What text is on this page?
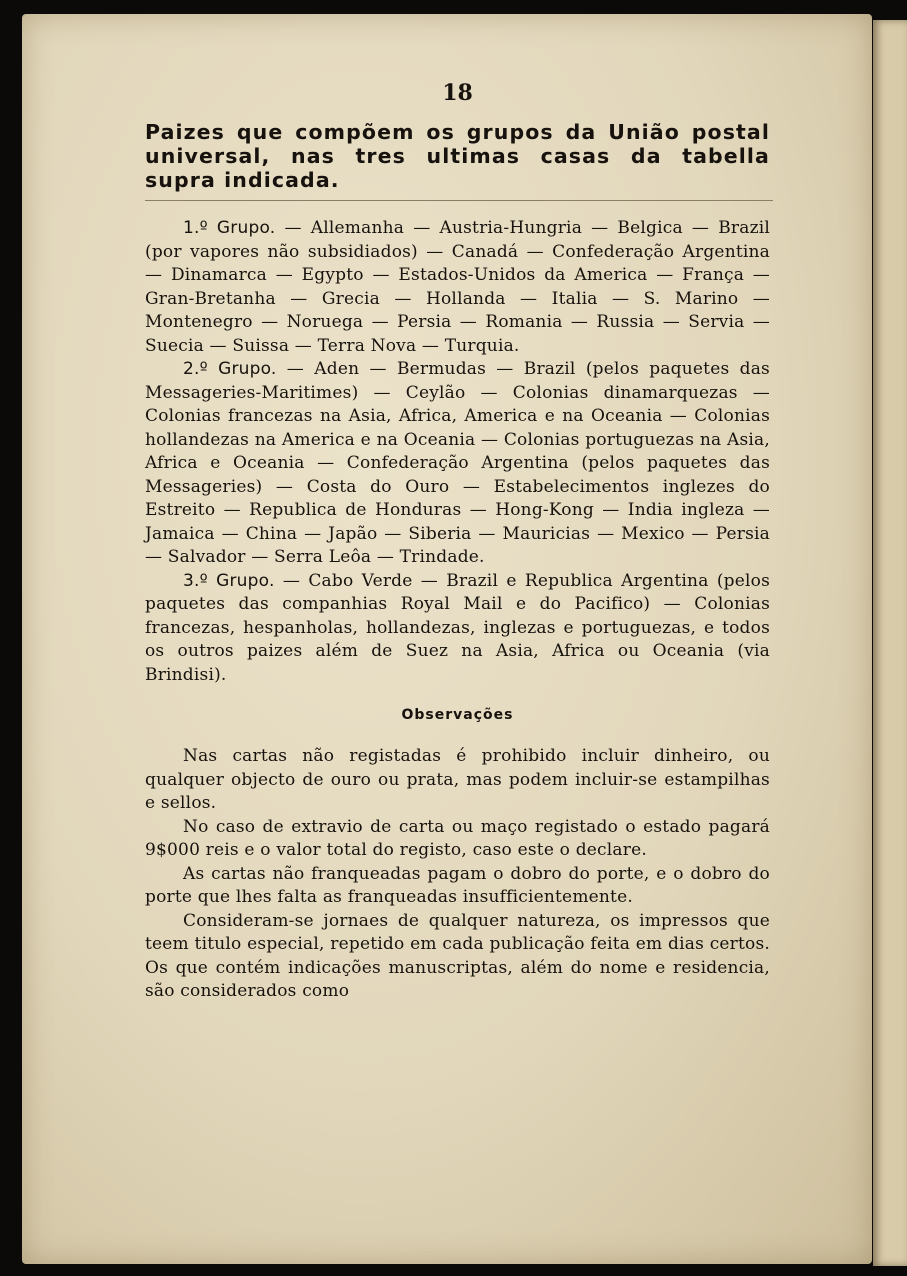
18

Paizes que compõem os grupos da União postal universal, nas tres ultimas casas da tabella supra indicada.

1.º Grupo. — Allemanha — Austria-Hungria — Belgica — Brazil (por vapores não subsidiados) — Canadá — Confederação Argentina — Dinamarca — Egypto — Estados-Unidos da America — França — Gran-Bretanha — Grecia — Hollanda — Italia — S. Marino — Montenegro — Noruega — Persia — Romania — Russia — Servia — Suecia — Suissa — Terra Nova — Turquia.

2.º Grupo. — Aden — Bermudas — Brazil (pelos paquetes das Messageries-Maritimes) — Ceylão — Colonias dinamarquezas — Colonias francezas na Asia, Africa, America e na Oceania — Colonias hollandezas na America e na Oceania — Colonias portuguezas na Asia, Africa e Oceania — Confederação Argentina (pelos paquetes das Messageries) — Costa do Ouro — Estabelecimentos inglezes do Estreito — Republica de Honduras — Hong-Kong — India ingleza — Jamaica — China — Japão — Siberia — Mauricias — Mexico — Persia — Salvador — Serra Leôa — Trindade.

3.º Grupo. — Cabo Verde — Brazil e Republica Argentina (pelos paquetes das companhias Royal Mail e do Pacifico) — Colonias francezas, hespanholas, hollandezas, inglezas e portuguezas, e todos os outros paizes além de Suez na Asia, Africa ou Oceania (via Brindisi).

Observações

Nas cartas não registadas é prohibido incluir dinheiro, ou qualquer objecto de ouro ou prata, mas podem incluir-se estampilhas e sellos.

No caso de extravio de carta ou maço registado o estado pagará 9$000 reis e o valor total do registo, caso este o declare.

As cartas não franqueadas pagam o dobro do porte, e o dobro do porte que lhes falta as franqueadas insufficientemente.

Consideram-se jornaes de qualquer natureza, os impressos que teem titulo especial, repetido em cada publicação feita em dias certos. Os que contém indicações manuscriptas, além do nome e residencia, são considerados como
